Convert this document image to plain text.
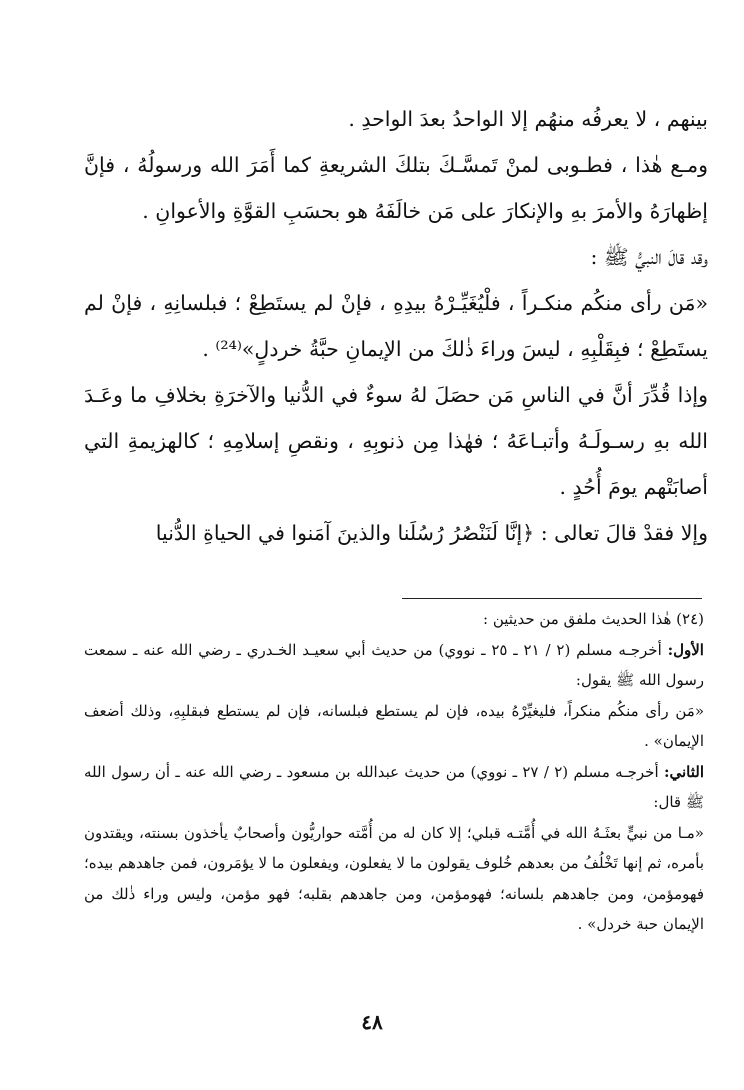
بينهم ، لا يعرفُه منهُم إلا الواحدُ بعدَ الواحدِ .

ومـع هٰذا ، فطـوبى لمنْ تَمسَّـكَ بتلكَ الشريعةِ كما أَمَرَ الله ورسولُهُ ، فإنَّ إظهارَهُ والأمرَ بهِ والإنكارَ على مَن خالَفَهُ هو بحسَبِ القوَّةِ والأعوانِ .

وقد قالَ النبيُّ ﷺ :

«مَن رأى منكُم منكـراً ، فلْيُغَيِّـرْهُ بيدِهِ ، فإنْ لم يستَطِعْ ؛ فبلسانِهِ ، فإنْ لم يستَطِعْ ؛ فبِقَلْبِهِ ، ليسَ وراءَ ذٰلكَ من الإيمانِ حبَّةُ خردلٍ»⁽²⁴⁾ .

وإذا قُدِّرَ أنَّ في الناسِ مَن حصَلَ لهُ سوءٌ في الدُّنيا والآخرَةِ بخلافِ ما وعَـدَ الله بهِ رسـولَـهُ وأتبـاعَهُ ؛ فهٰذا مِن ذنوبِهِ ، ونقصِ إسلامِهِ ؛ كالهزيمةِ التي أصابَتْهم يومَ أُحُدٍ .

وإلا فقدْ قالَ تعالى : ﴿إنَّا لَنَنْصُرُ رُسُلَنا والذينَ آمَنوا في الحياةِ الدُّنيا

(٢٤) هٰذا الحديث ملفق من حديثين :

الأول: أخرجـه مسلم (٢ / ٢١ ـ ٢٥ ـ نووي) من حديث أبي سعيـد الخـدري ـ رضي الله عنه ـ سمعت رسول الله ﷺ يقول:

«مَن رأى منكُم منكراً، فليغيِّرْهُ بيده، فإن لم يستطع فبلسانه، فإن لم يستطع فبقلبِهِ، وذلك أضعف الإيمان» .

الثاني: أخرجـه مسلم (٢ / ٢٧ ـ نووي) من حديث عبدالله بن مسعود ـ رضي الله عنه ـ أن رسول الله ﷺ قال:

«مـا من نبيٍّ بعثَـهُ الله في أُمَّتـه قبلي؛ إلا كان له من أُمَّته حواريُّون وأصحابٌ يأخذون بسنته، ويقتدون بأمره، ثم إنها تَخْلُفُ من بعدهم خُلوف يقولون ما لا يفعلون، ويفعلون ما لا يؤمَرون، فمن جاهدهم بيده؛ فهومؤمن، ومن جاهدهم بلسانه؛ فهومؤمن، ومن جاهدهم بقلبه؛ فهو مؤمن، وليس وراء ذٰلك من الإيمان حبة خردل» .

٤٨
